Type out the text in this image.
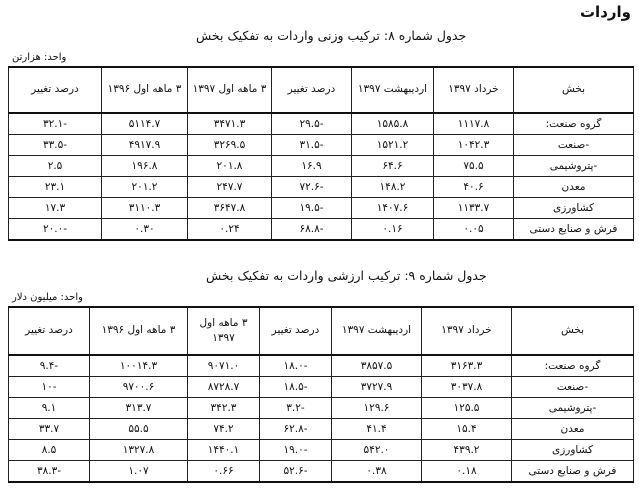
واردات
جدول شماره ۸: ترکیب وزنی واردات به تفکیک بخش
واحد: هزارتن
بخش	خرداد ۱۳۹۷	اردیبهشت ۱۳۹۷	درصد تغییر	۳ ماهه اول ۱۳۹۷	۳ ماهه اول ۱۳۹۶	درصد تغییر
گروه صنعت:	۱۱۱۷.۸	۱۵۸۵.۸	-۲۹.۵	۳۴۷۱.۳	۵۱۱۴.۷	-۳۲.۱
-صنعت	۱۰۴۲.۳	۱۵۲۱.۲	-۳۱.۵	۳۲۶۹.۵	۴۹۱۷.۹	-۳۳.۵
-پتروشیمی	۷۵.۵	۶۴.۶	۱۶.۹	۲۰۱.۸	۱۹۶.۸	۲.۵
معدن	۴۰.۶	۱۴۸.۲	-۷۲.۶	۲۴۷.۷	۲۰۱.۲	۲۳.۱
کشاورزی	۱۱۳۳.۷	۱۴۰۷.۶	-۱۹.۵	۳۶۴۷.۸	۳۱۱۰.۳	۱۷.۳
فرش و صنایع دستی	۰.۰۵	۰.۱۶	-۶۸.۸	۰.۲۴	۰.۳۰	-۲۰.۰
جدول شماره ۹: ترکیب ارزشی واردات به تفکیک بخش
واحد: میلیون دلار
بخش	خرداد ۱۳۹۷	اردیبهشت ۱۳۹۷	درصد تغییر	۳ ماهه اول ۱۳۹۷	۳ ماهه اول ۱۳۹۶	درصد تغییر
گروه صنعت:	۳۱۶۳.۳	۳۸۵۷.۵	-۱۸.۰	۹۰۷۱.۰	۱۰۰۱۴.۳	-۹.۴
-صنعت	۳۰۳۷.۸	۳۷۲۷.۹	-۱۸.۵	۸۷۲۸.۷	۹۷۰۰.۶	-۱۰
-پتروشیمی	۱۲۵.۵	۱۲۹.۶	-۳.۲	۳۴۲.۳	۳۱۳.۷	۹.۱
معدن	۱۵.۴	۴۱.۴	-۶۲.۸	۷۴.۲	۵۵.۵	۳۳.۷
کشاورزی	۴۳۹.۲	۵۴۲.۰	-۱۹.۰	۱۴۴۰.۱	۱۳۲۷.۸	۸.۵
فرش و صنایع دستی	۰.۱۸	۰.۳۸	-۵۲.۶	۰.۶۶	۱.۰۷	-۳۸.۳
